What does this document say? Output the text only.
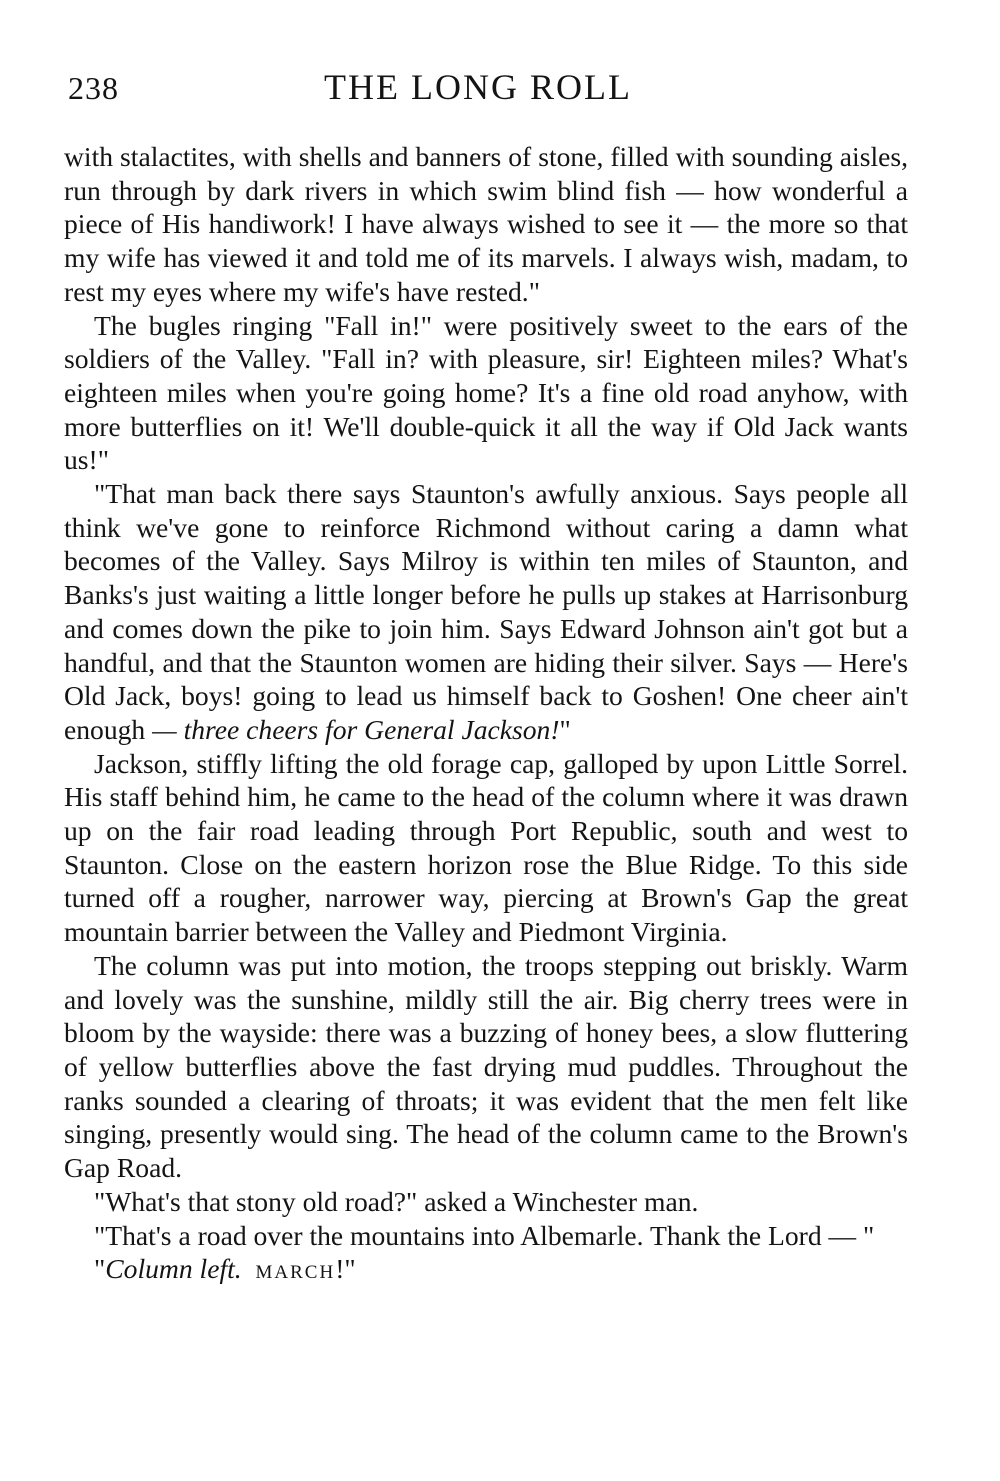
238	THE LONG ROLL

with stalactites, with shells and banners of stone, filled with sounding aisles, run through by dark rivers in which swim blind fish — how wonderful a piece of His handiwork! I have always wished to see it — the more so that my wife has viewed it and told me of its marvels. I always wish, madam, to rest my eyes where my wife's have rested."

The bugles ringing "Fall in!" were positively sweet to the ears of the soldiers of the Valley. "Fall in? with pleasure, sir! Eighteen miles? What's eighteen miles when you're going home? It's a fine old road anyhow, with more butterflies on it! We'll double-quick it all the way if Old Jack wants us!"

"That man back there says Staunton's awfully anxious. Says people all think we've gone to reinforce Richmond without caring a damn what becomes of the Valley. Says Milroy is within ten miles of Staunton, and Banks's just waiting a little longer before he pulls up stakes at Harrisonburg and comes down the pike to join him. Says Edward Johnson ain't got but a handful, and that the Staunton women are hiding their silver. Says — Here's Old Jack, boys! going to lead us himself back to Goshen! One cheer ain't enough — three cheers for General Jackson!"

Jackson, stiffly lifting the old forage cap, galloped by upon Little Sorrel. His staff behind him, he came to the head of the column where it was drawn up on the fair road leading through Port Republic, south and west to Staunton. Close on the eastern horizon rose the Blue Ridge. To this side turned off a rougher, narrower way, piercing at Brown's Gap the great mountain barrier between the Valley and Piedmont Virginia.

The column was put into motion, the troops stepping out briskly. Warm and lovely was the sunshine, mildly still the air. Big cherry trees were in bloom by the wayside: there was a buzzing of honey bees, a slow fluttering of yellow butterflies above the fast drying mud puddles. Throughout the ranks sounded a clearing of throats; it was evident that the men felt like singing, presently would sing. The head of the column came to the Brown's Gap Road.

"What's that stony old road?" asked a Winchester man.

"That's a road over the mountains into Albemarle. Thank the Lord — "

"Column left. MARCH!"
